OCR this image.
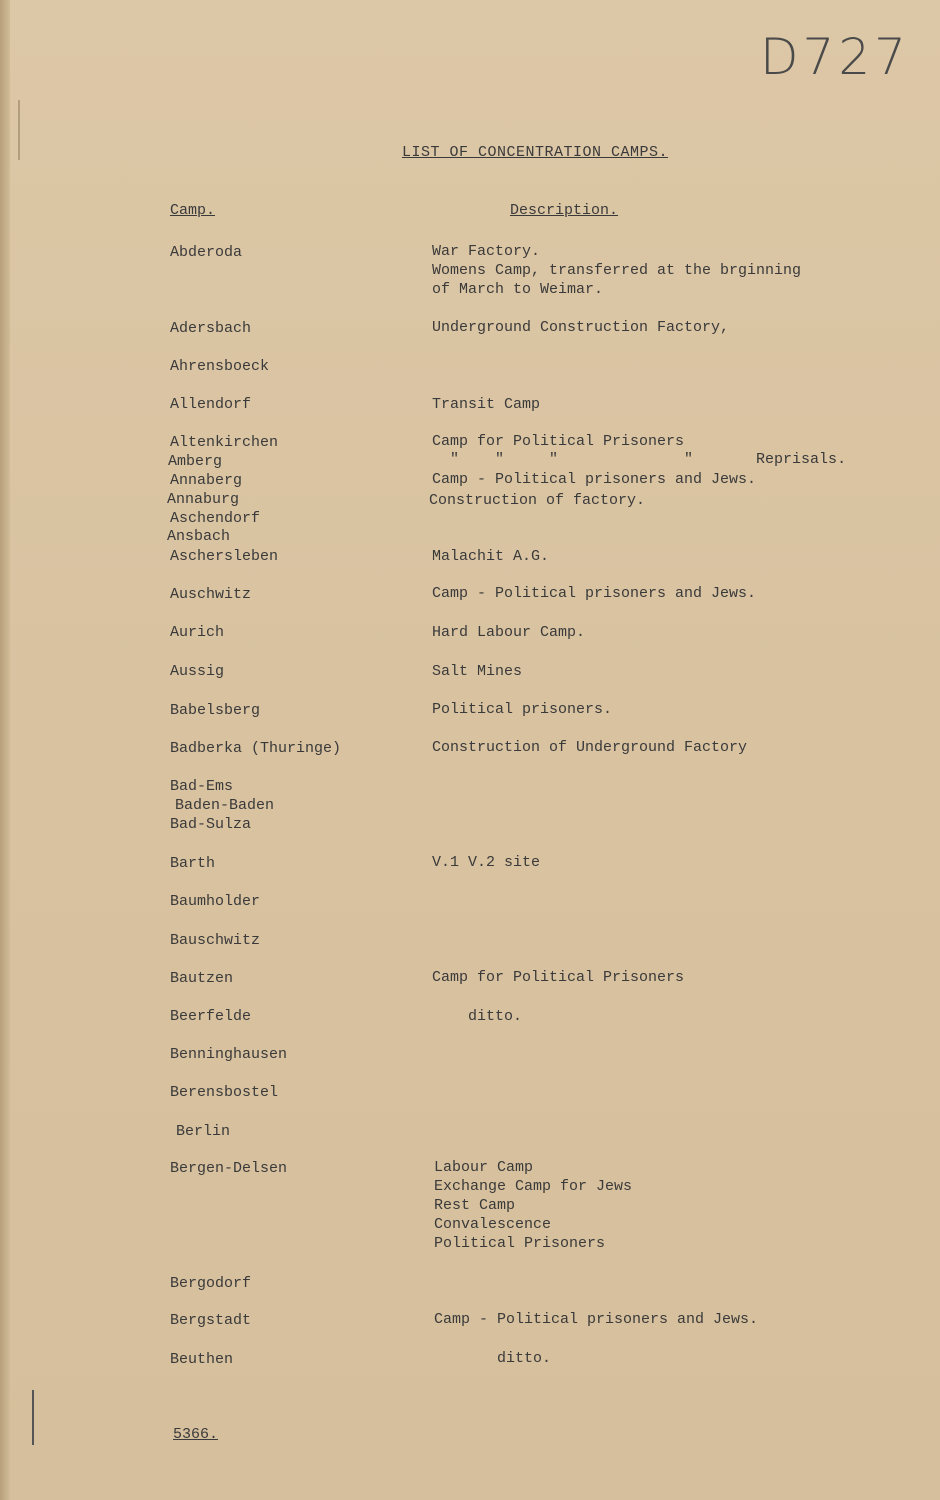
D727
LIST OF CONCENTRATION CAMPS.
Camp.	Description.
Abderoda	War Factory.
Womens Camp, transferred at the brginning
of March to Weimar.
Adersbach	Underground Construction Factory,
Ahrensboeck
Allendorf	Transit Camp
Altenkirchen	Camp for Political Prisoners
Amberg	"    "     "              "       Reprisals.
Annaberg	Camp - Political prisoners and Jews.
Annaburg	Construction of factory.
Aschendorf
Ansbach
Aschersleben	Malachit A.G.
Auschwitz	Camp - Political prisoners and Jews.
Aurich	Hard Labour Camp.
Aussig	Salt Mines
Babelsberg	Political prisoners.
Badberka (Thuringe)	Construction of Underground Factory
Bad-Ems
Baden-Baden
Bad-Sulza
Barth	V.1 V.2 site
Baumholder
Bauschwitz
Bautzen	Camp for Political Prisoners
Beerfelde	ditto.
Benninghausen
Berensbostel
Berlin
Bergen-Delsen	Labour Camp
Exchange Camp for Jews
Rest Camp
Convalescence
Political Prisoners
Bergodorf
Bergstadt	Camp - Political prisoners and Jews.
Beuthen	ditto.
5366.
